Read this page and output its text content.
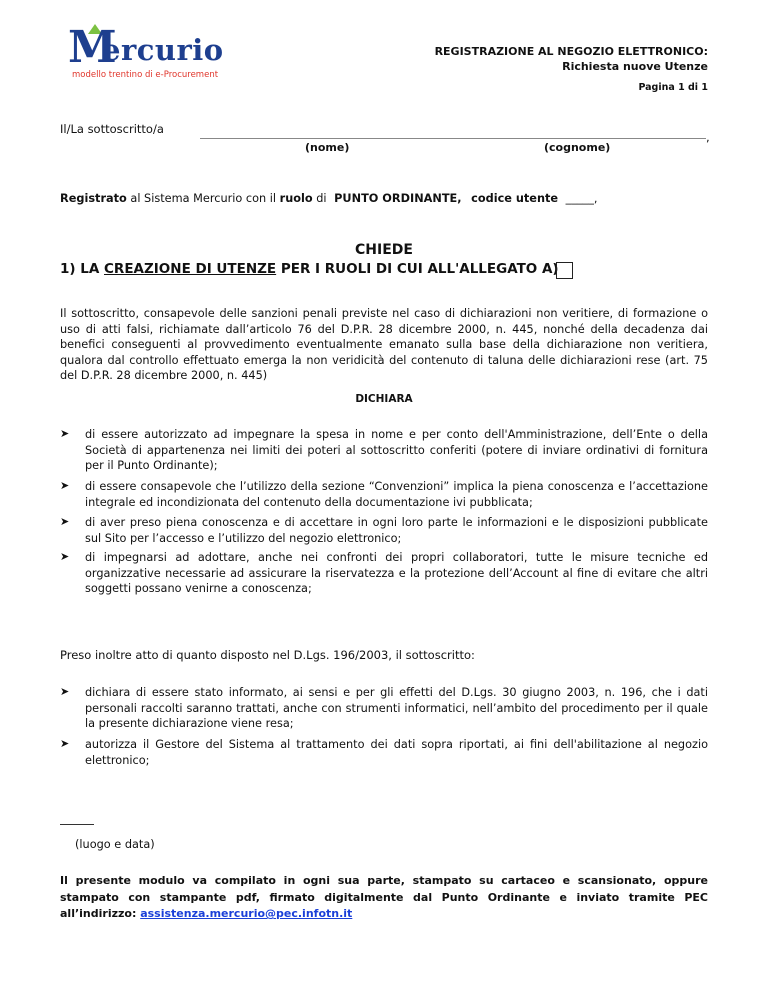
M
ercurio
modello trentino di e-Procurement
REGISTRAZIONE AL NEGOZIO ELETTRONICO:
Richiesta nuove Utenze
Pagina 1 di 1
Il/La sottoscritto/a
,
(nome)	(cognome)
Registrato al Sistema Mercurio con il ruolo di PUNTO ORDINANTE, codice utente _____,
CHIEDE
1) LA CREAZIONE DI UTENZE PER I RUOLI DI CUI ALL'ALLEGATO A)
Il sottoscritto, consapevole delle sanzioni penali previste nel caso di dichiarazioni non veritiere, di formazione o uso di atti falsi, richiamate dall’articolo 76 del D.P.R. 28 dicembre 2000, n. 445, nonché della decadenza dai benefici conseguenti al provvedimento eventualmente emanato sulla base della dichiarazione non veritiera, qualora dal controllo effettuato emerga la non veridicità del contenuto di taluna delle dichiarazioni rese (art. 75 del D.P.R. 28 dicembre 2000, n. 445)
DICHIARA
➤ di essere autorizzato ad impegnare la spesa in nome e per conto dell'Amministrazione, dell’Ente o della Società di appartenenza nei limiti dei poteri al sottoscritto conferiti (potere di inviare ordinativi di fornitura per il Punto Ordinante);
➤ di essere consapevole che l’utilizzo della sezione “Convenzioni” implica la piena conoscenza e l’accettazione integrale ed incondizionata del contenuto della documentazione ivi pubblicata;
➤ di aver preso piena conoscenza e di accettare in ogni loro parte le informazioni e le disposizioni pubblicate sul Sito per l’accesso e l’utilizzo del negozio elettronico;
➤ di impegnarsi ad adottare, anche nei confronti dei propri collaboratori, tutte le misure tecniche ed organizzative necessarie ad assicurare la riservatezza e la protezione dell’Account al fine di evitare che altri soggetti possano venirne a conoscenza;
Preso inoltre atto di quanto disposto nel D.Lgs. 196/2003, il sottoscritto:
➤ dichiara di essere stato informato, ai sensi e per gli effetti del D.Lgs. 30 giugno 2003, n. 196, che i dati personali raccolti saranno trattati, anche con strumenti informatici, nell’ambito del procedimento per il quale la presente dichiarazione viene resa;
➤ autorizza il Gestore del Sistema al trattamento dei dati sopra riportati, ai fini dell'abilitazione al negozio elettronico;
(luogo e data)
Il presente modulo va compilato in ogni sua parte, stampato su cartaceo e scansionato, oppure stampato con stampante pdf, firmato digitalmente dal Punto Ordinante e inviato tramite PEC all’indirizzo: assistenza.mercurio@pec.infotn.it
